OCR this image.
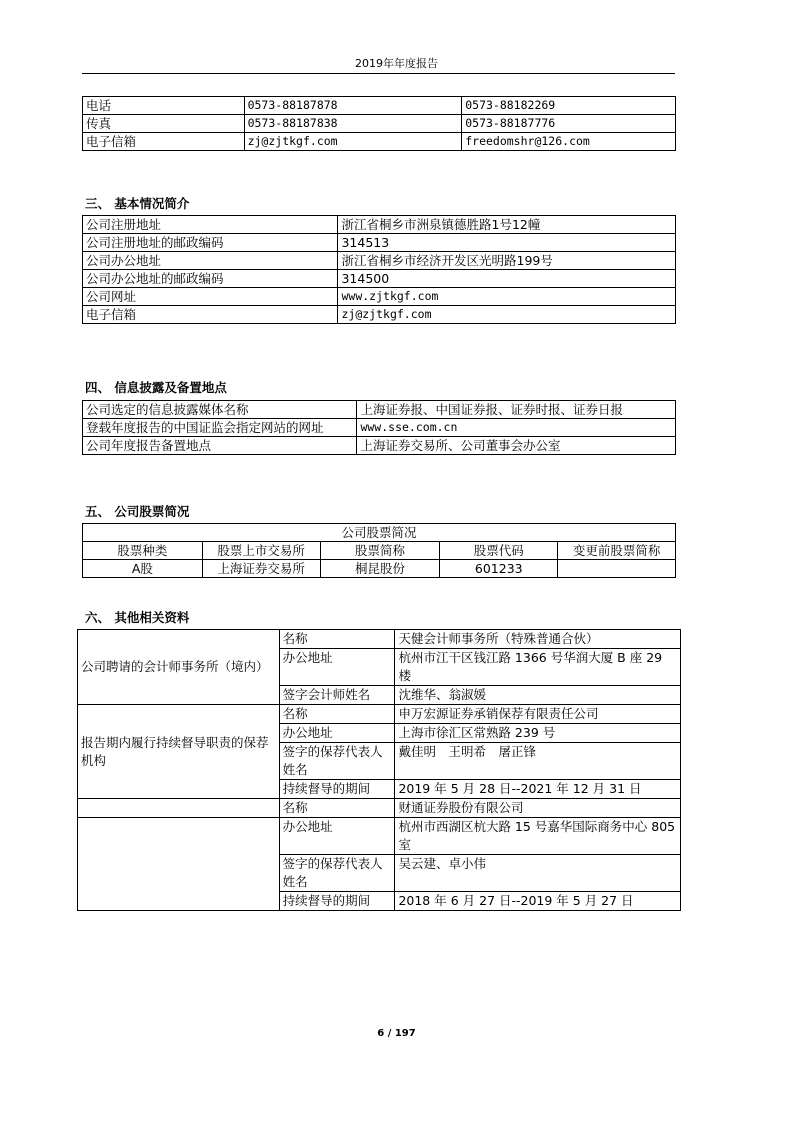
2019年年度报告
电话	0573-88187878	0573-88182269
传真	0573-88187838	0573-88187776
电子信箱	zj@zjtkgf.com	freedomshr@126.com
三、 基本情况简介
公司注册地址	浙江省桐乡市洲泉镇德胜路1号12幢
公司注册地址的邮政编码	314513
公司办公地址	浙江省桐乡市经济开发区光明路199号
公司办公地址的邮政编码	314500
公司网址	www.zjtkgf.com
电子信箱	zj@zjtkgf.com
四、 信息披露及备置地点
公司选定的信息披露媒体名称	上海证券报、中国证券报、证券时报、证券日报
登载年度报告的中国证监会指定网站的网址	www.sse.com.cn
公司年度报告备置地点	上海证券交易所、公司董事会办公室
五、 公司股票简况
公司股票简况				
股票种类	股票上市交易所	股票简称	股票代码	变更前股票简称
A股	上海证券交易所	桐昆股份	601233	
六、 其他相关资料
公司聘请的会计师事务所（境内）	名称	天健会计师事务所（特殊普通合伙）
	办公地址	杭州市江干区钱江路 1366 号华润大厦 B 座 29 楼
	签字会计师姓名	沈维华、翁淑媛
报告期内履行持续督导职责的保荐机构	名称	申万宏源证券承销保荐有限责任公司
	办公地址	上海市徐汇区常熟路 239 号
	签字的保荐代表人姓名	戴佳明　王明希　屠正锋
	持续督导的期间	2019 年 5 月 28 日--2021 年 12 月 31 日
	名称	财通证券股份有限公司
	办公地址	杭州市西湖区杭大路 15 号嘉华国际商务中心 805 室
	签字的保荐代表人姓名	吴云建、卓小伟
	持续督导的期间	2018 年 6 月 27 日--2019 年 5 月 27 日
6 / 197
